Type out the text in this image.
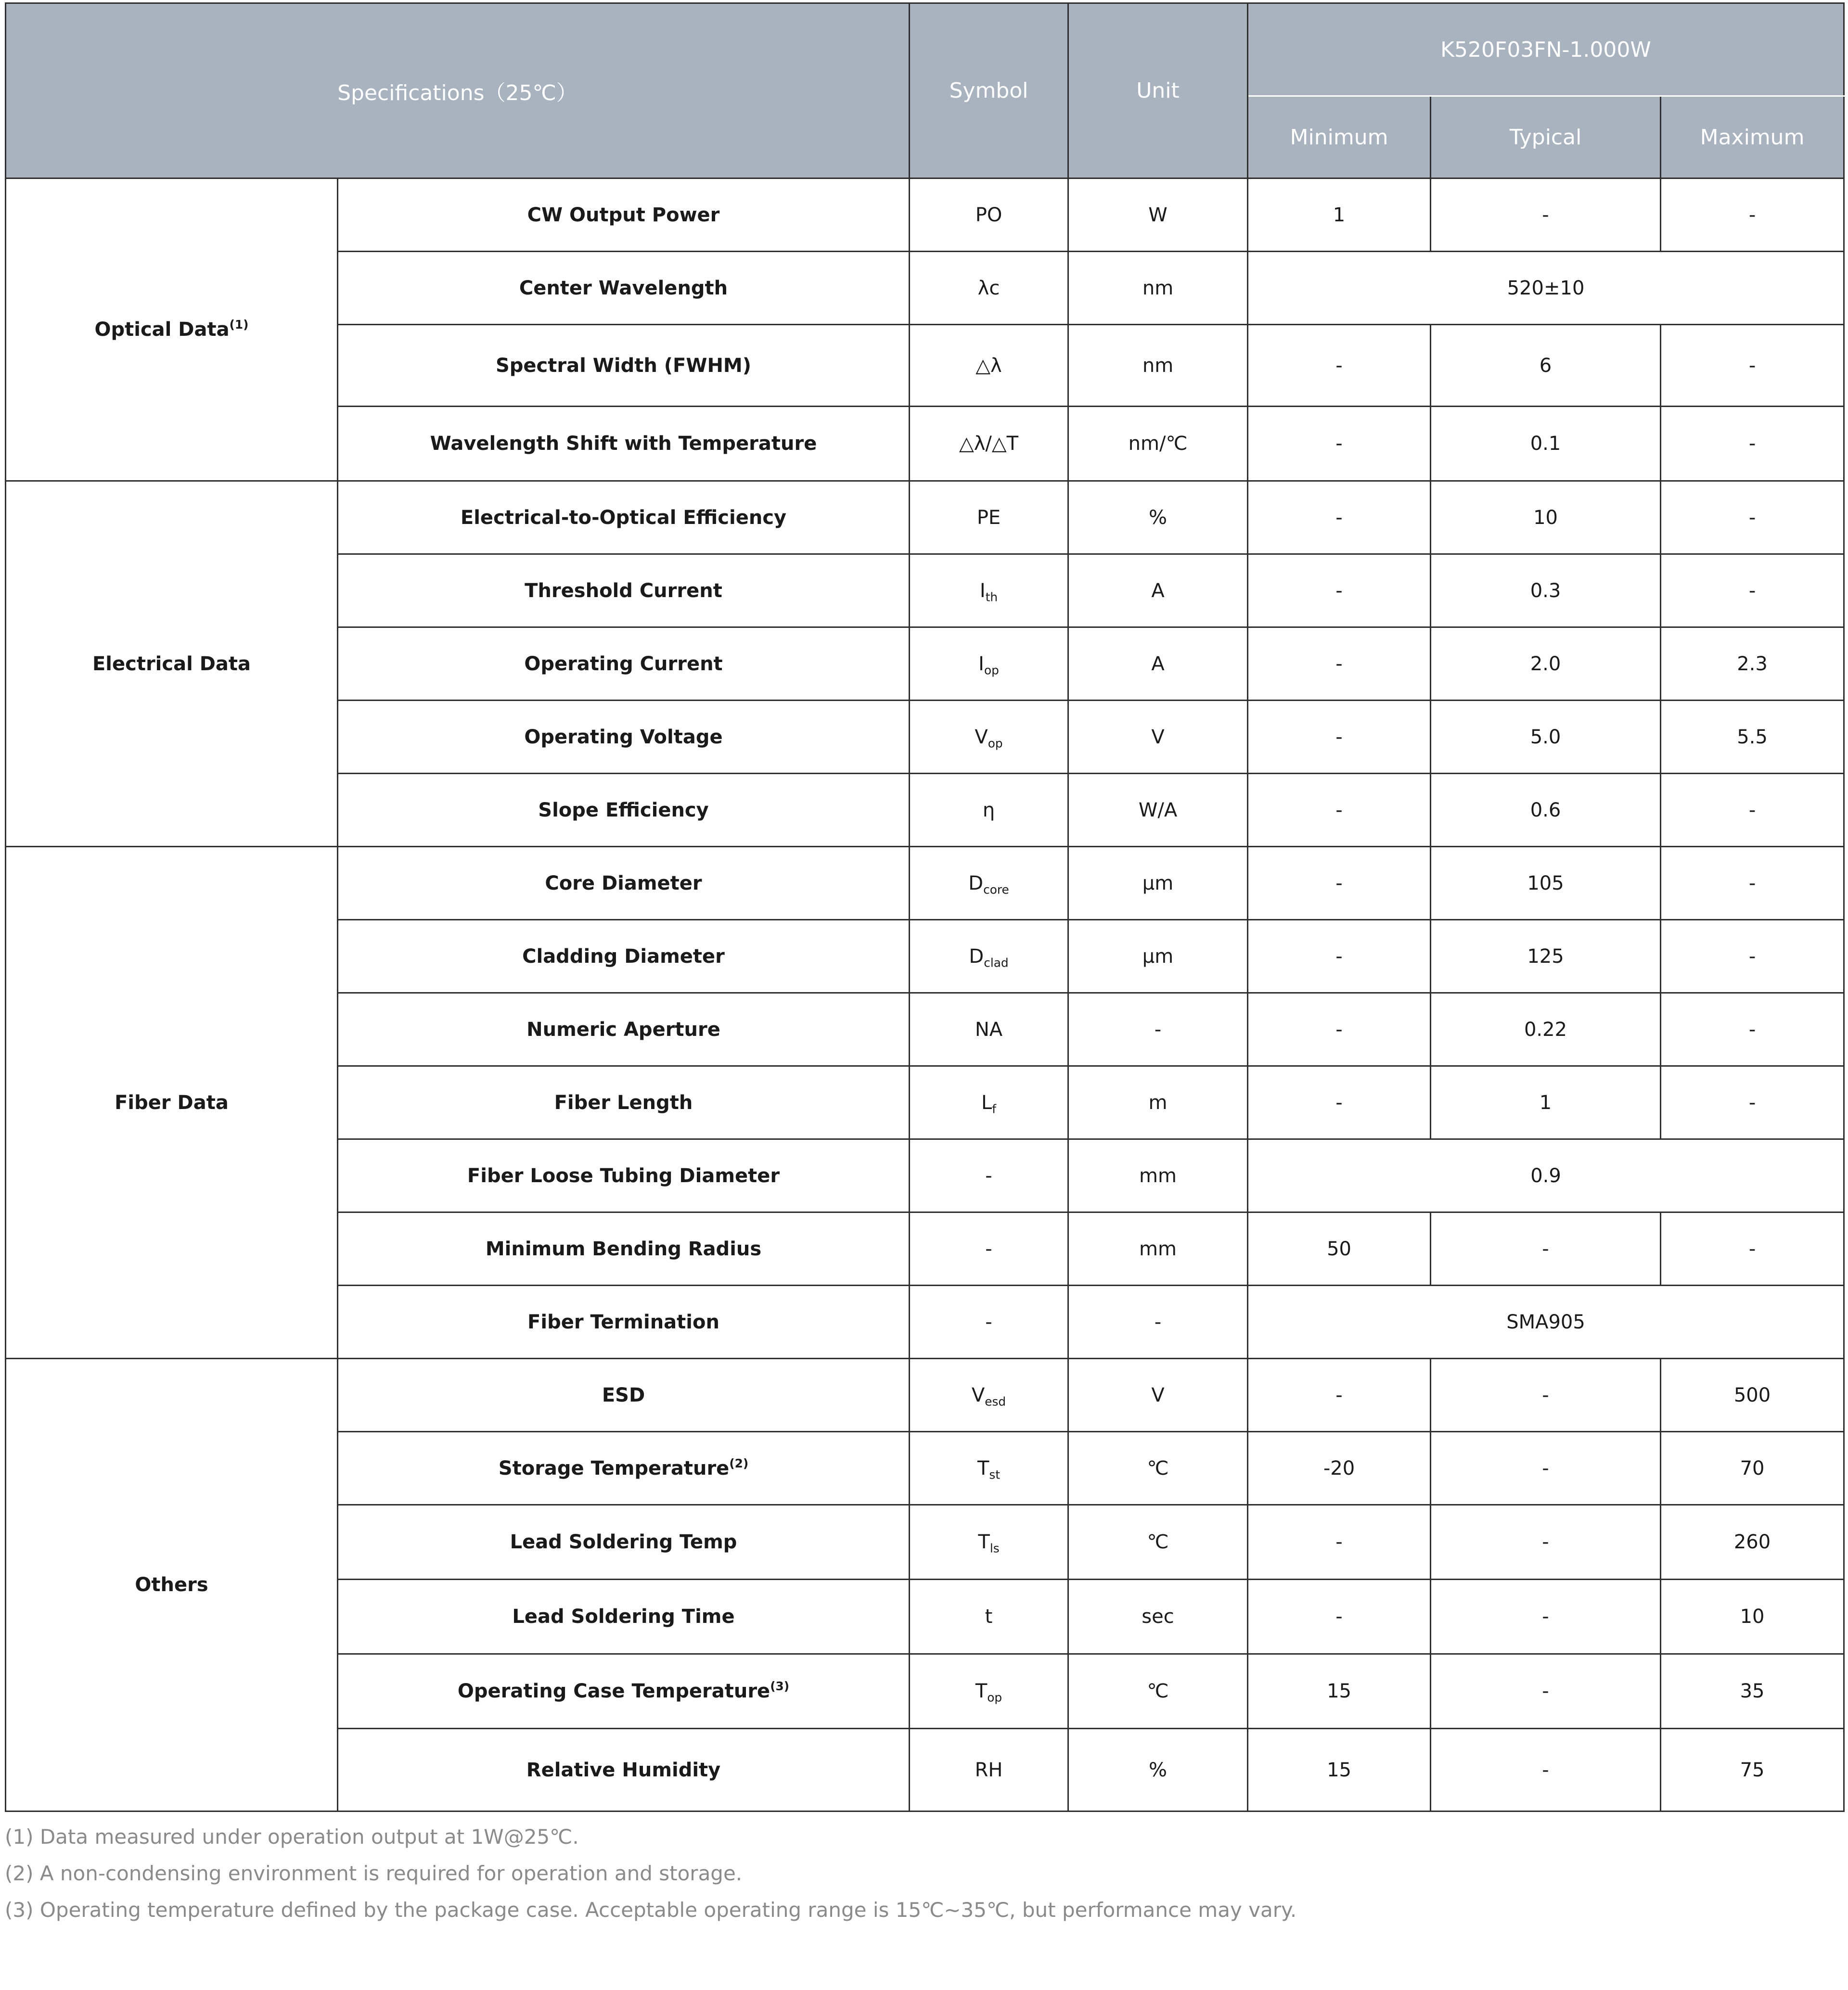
Specifications（25℃）		Symbol	Unit	K520F03FN-1.000W		
				Minimum	Typical	Maximum
Optical Data$^{(1)}$	CW Output Power	PO	W	1	-	-
	Center Wavelength	λc	nm	520±10		
	Spectral Width (FWHM)	△λ	nm	-	6	-
	Wavelength Shift with Temperature	△λ/△T	nm/℃	-	0.1	-
Electrical Data	Electrical-to-Optical Efficiency	PE	%	-	10	-
	Threshold Current	$I_{th}$	A	-	0.3	-
	Operating Current	$I_{op}$	A	-	2.0	2.3
	Operating Voltage	$V_{op}$	V	-	5.0	5.5
	Slope Efficiency	η	W/A	-	0.6	-
Fiber Data	Core Diameter	$D_{core}$	μm	-	105	-
	Cladding Diameter	$D_{clad}$	μm	-	125	-
	Numeric Aperture	NA	-	-	0.22	-
	Fiber Length	$L_f$	m	-	1	-
	Fiber Loose Tubing Diameter	-	mm	0.9		
	Minimum Bending Radius	-	mm	50	-	-
	Fiber Termination	-	-	SMA905		
Others	ESD	$V_{esd}$	V	-	-	500
	Storage Temperature$^{(2)}$	$T_{st}$	℃	-20	-	70
	Lead Soldering Temp	$T_{ls}$	℃	-	-	260
	Lead Soldering Time	t	sec	-	-	10
	Operating Case Temperature$^{(3)}$	$T_{op}$	℃	15	-	35
	Relative Humidity	RH	%	15	-	75
(1) Data measured under operation output at 1W@25℃.
(2) A non-condensing environment is required for operation and storage.
(3) Operating temperature defined by the package case. Acceptable operating range is 15℃~35℃, but performance may vary.
